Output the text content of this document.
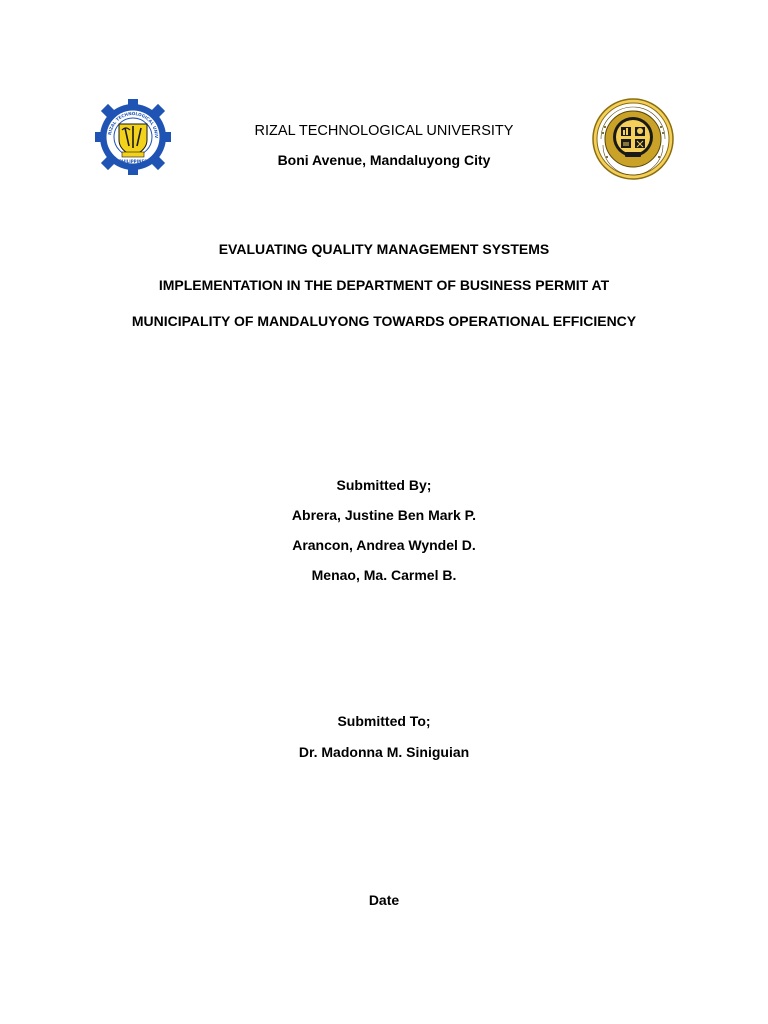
RIZAL TECHNOLOGICAL UNIV
PHILIPPINES
RIZAL TECHNOLOGICAL UNIVERSITY
Boni Avenue, Mandaluyong City
EVALUATING QUALITY MANAGEMENT SYSTEMS
IMPLEMENTATION IN THE DEPARTMENT OF BUSINESS PERMIT AT
MUNICIPALITY OF MANDALUYONG TOWARDS OPERATIONAL EFFICIENCY
Submitted By;
Abrera, Justine Ben Mark P.
Arancon, Andrea Wyndel D.
Menao, Ma. Carmel B.
Submitted To;
Dr. Madonna M. Siniguian
Date
